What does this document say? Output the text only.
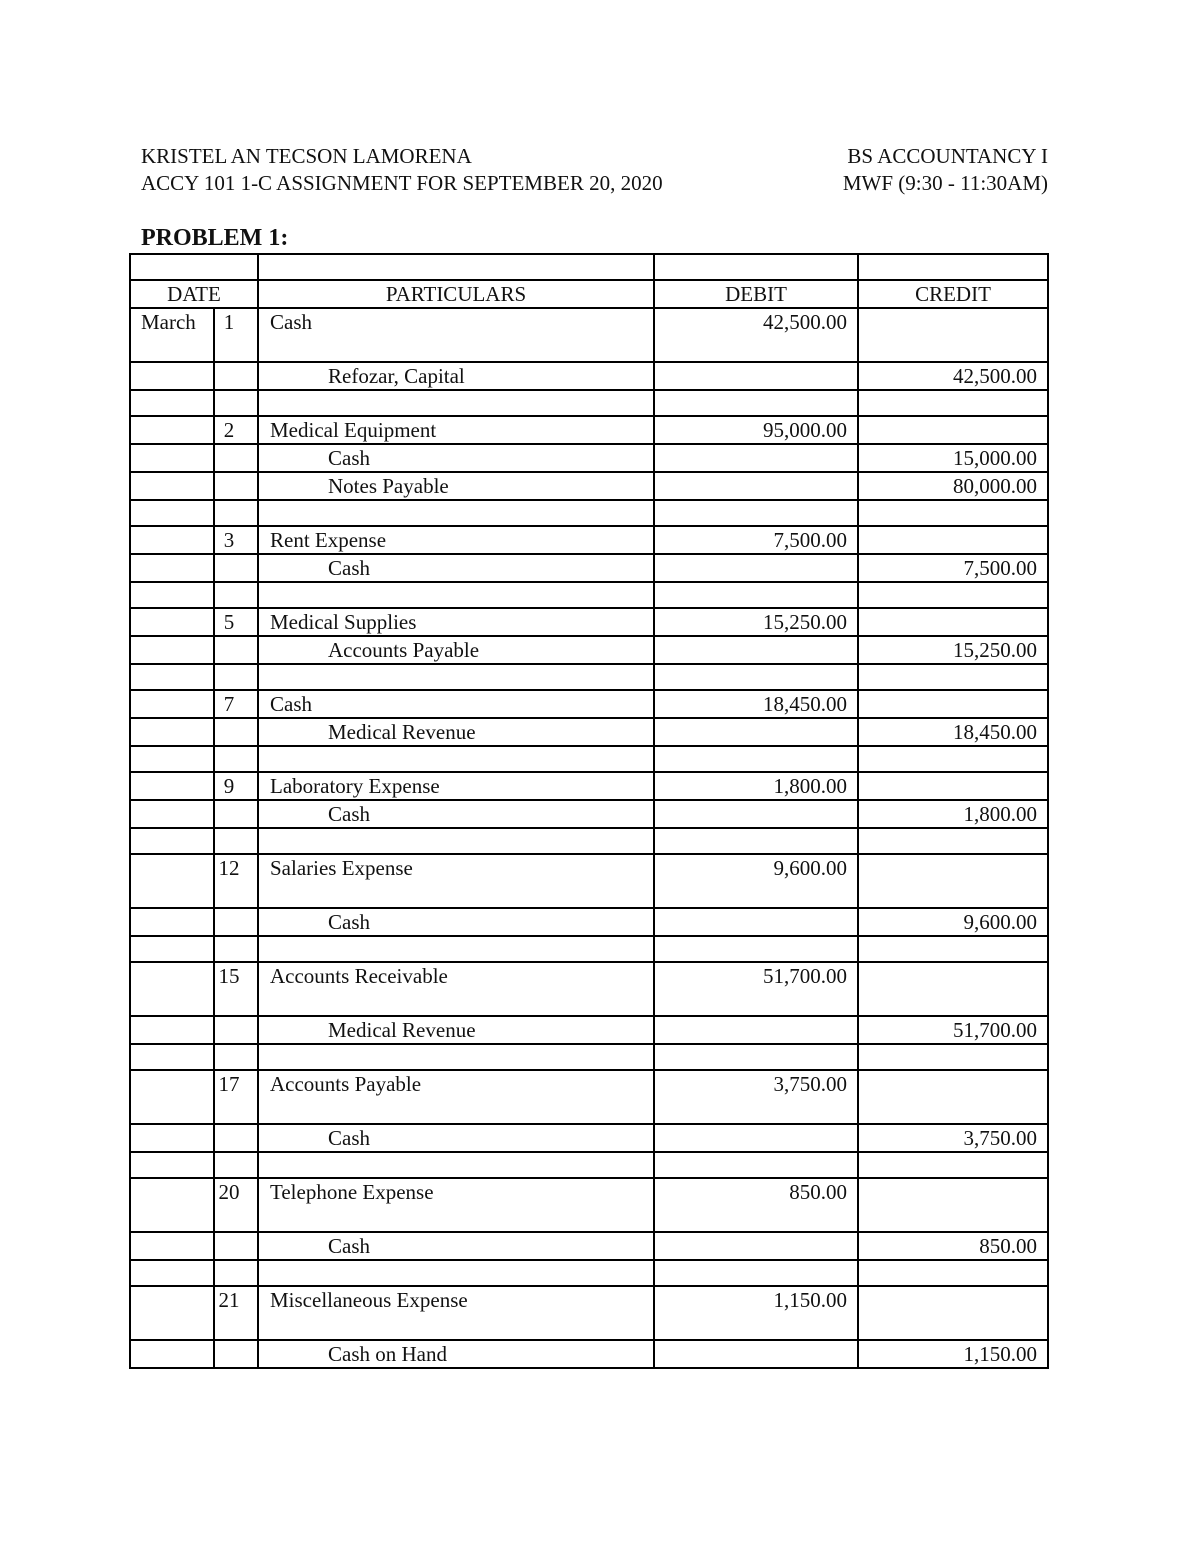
KRISTEL AN TECSON LAMORENA	BS ACCOUNTANCY I
ACCY 101 1-C ASSIGNMENT FOR SEPTEMBER 20, 2020	MWF (9:30 - 11:30AM)
PROBLEM 1:

DATE		PARTICULARS	DEBIT	CREDIT
March	1	Cash	42,500.00	
		Refozar, Capital		42,500.00

	2	Medical Equipment	95,000.00	
		Cash		15,000.00
		Notes Payable		80,000.00

	3	Rent Expense	7,500.00	
		Cash		7,500.00

	5	Medical Supplies	15,250.00	
		Accounts Payable		15,250.00

	7	Cash	18,450.00	
		Medical Revenue		18,450.00

	9	Laboratory Expense	1,800.00	
		Cash		1,800.00

	12	Salaries Expense	9,600.00	
		Cash		9,600.00

	15	Accounts Receivable	51,700.00	
		Medical Revenue		51,700.00

	17	Accounts Payable	3,750.00	
		Cash		3,750.00

	20	Telephone Expense	850.00	
		Cash		850.00

	21	Miscellaneous Expense	1,150.00	
		Cash on Hand		1,150.00
